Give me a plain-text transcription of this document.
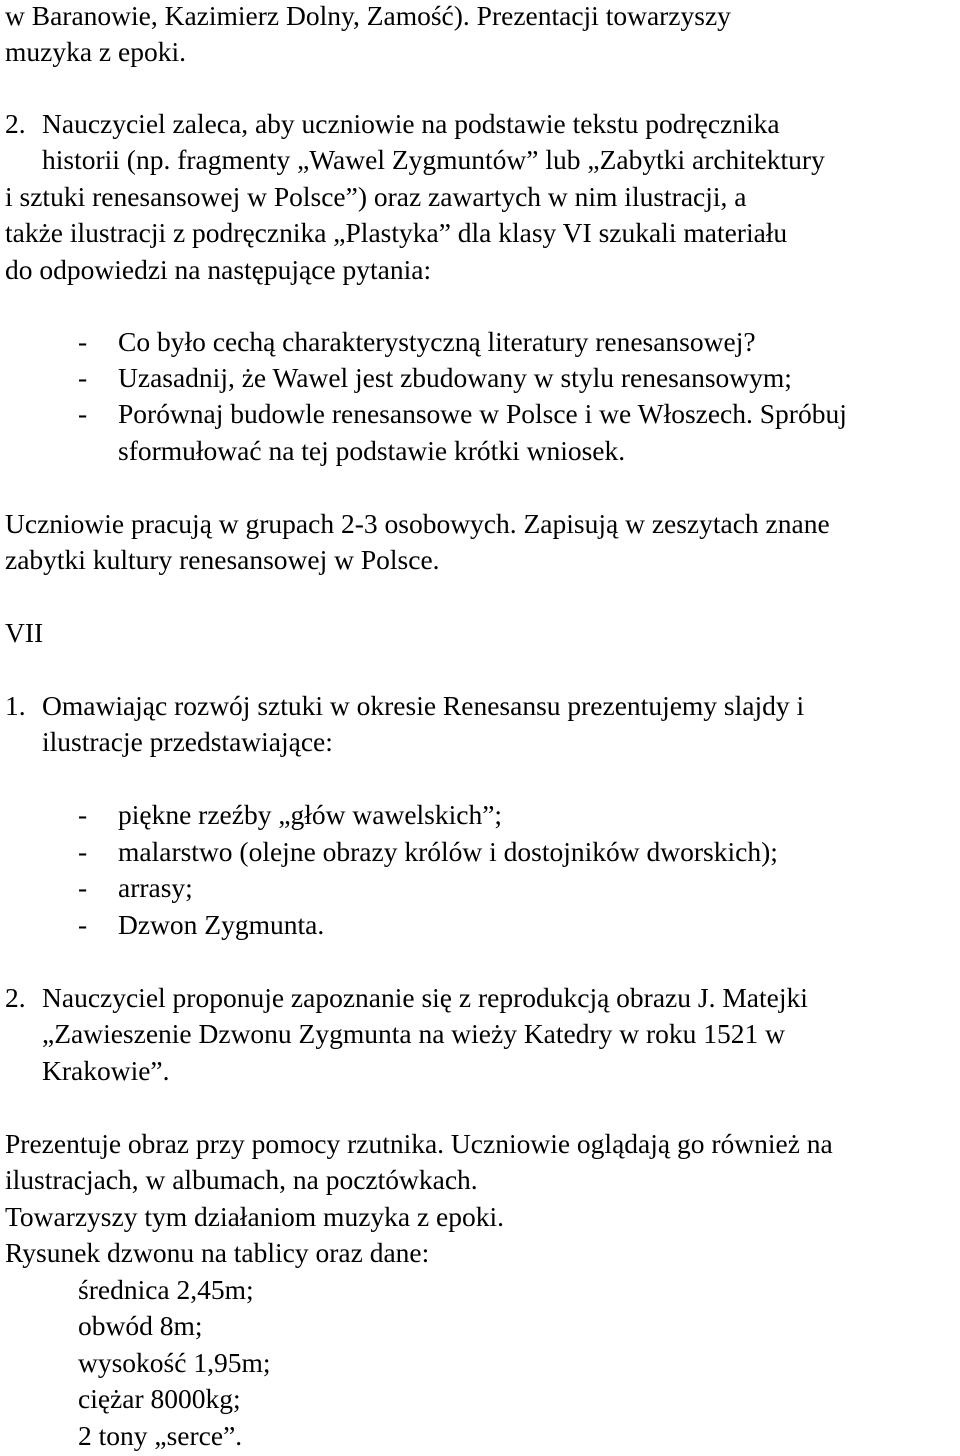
w Baranowie, Kazimierz Dolny, Zamość). Prezentacji towarzyszy
muzyka z epoki.
2. Nauczyciel zaleca, aby uczniowie na podstawie tekstu podręcznika
historii (np. fragmenty „Wawel Zygmuntów” lub „Zabytki architektury
i sztuki renesansowej w Polsce”) oraz zawartych w nim ilustracji, a
także ilustracji z podręcznika „Plastyka” dla klasy VI szukali materiału
do odpowiedzi na następujące pytania:
- Co było cechą charakterystyczną literatury renesansowej?
- Uzasadnij, że Wawel jest zbudowany w stylu renesansowym;
- Porównaj budowle renesansowe w Polsce i we Włoszech. Spróbuj
sformułować na tej podstawie krótki wniosek.
Uczniowie pracują w grupach 2-3 osobowych. Zapisują w zeszytach znane
zabytki kultury renesansowej w Polsce.
VII
1. Omawiając rozwój sztuki w okresie Renesansu prezentujemy slajdy i
ilustracje przedstawiające:
- piękne rzeźby „głów wawelskich”;
- malarstwo (olejne obrazy królów i dostojników dworskich);
- arrasy;
- Dzwon Zygmunta.
2. Nauczyciel proponuje zapoznanie się z reprodukcją obrazu J. Matejki
„Zawieszenie Dzwonu Zygmunta na wieży Katedry w roku 1521 w
Krakowie”.
Prezentuje obraz przy pomocy rzutnika. Uczniowie oglądają go również na
ilustracjach, w albumach, na pocztówkach.
Towarzyszy tym działaniom muzyka z epoki.
Rysunek dzwonu na tablicy oraz dane:
średnica 2,45m;
obwód 8m;
wysokość 1,95m;
ciężar 8000kg;
2 tony „serce”.
